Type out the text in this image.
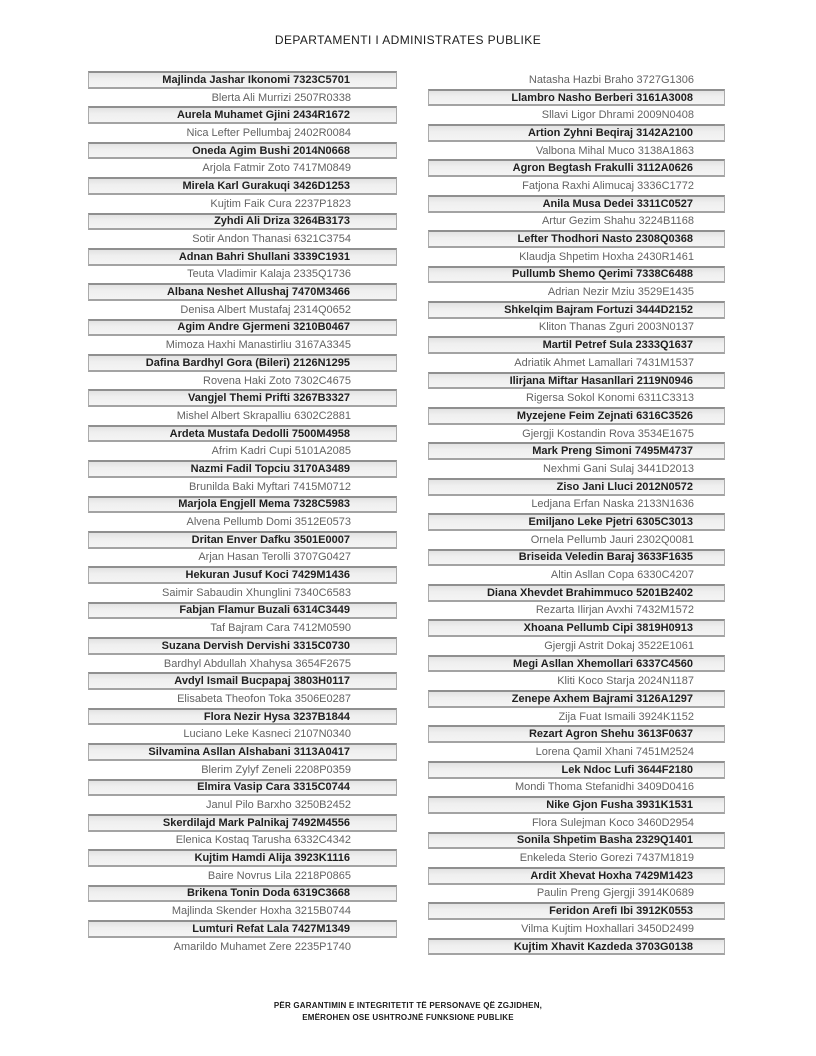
DEPARTAMENTI I ADMINISTRATES PUBLIKE
Majlinda Jashar Ikonomi 7323C5701
Blerta Ali Murrizi 2507R0338
Aurela Muhamet Gjini 2434R1672
Nica Lefter Pellumbaj 2402R0084
Oneda Agim Bushi 2014N0668
Arjola Fatmir Zoto 7417M0849
Mirela Karl Gurakuqi 3426D1253
Kujtim Faik Cura 2237P1823
Zyhdi Ali Driza 3264B3173
Sotir Andon Thanasi 6321C3754
Adnan Bahri Shullani 3339C1931
Teuta Vladimir Kalaja 2335Q1736
Albana Neshet Allushaj 7470M3466
Denisa Albert Mustafaj 2314Q0652
Agim Andre Gjermeni 3210B0467
Mimoza Haxhi Manastirliu 3167A3345
Dafina Bardhyl Gora (Bileri) 2126N1295
Rovena Haki Zoto 7302C4675
Vangjel Themi Prifti 3267B3327
Mishel Albert Skrapalliu 6302C2881
Ardeta Mustafa Dedolli 7500M4958
Afrim Kadri Cupi 5101A2085
Nazmi Fadil Topciu 3170A3489
Brunilda Baki Myftari 7415M0712
Marjola Engjell Mema 7328C5983
Alvena Pellumb Domi 3512E0573
Dritan Enver Dafku 3501E0007
Arjan Hasan Terolli 3707G0427
Hekuran Jusuf Koci 7429M1436
Saimir Sabaudin Xhunglini 7340C6583
Fabjan Flamur Buzali 6314C3449
Taf Bajram Cara 7412M0590
Suzana Dervish Dervishi 3315C0730
Bardhyl Abdullah Xhahysa 3654F2675
Avdyl Ismail Bucpapaj 3803H0117
Elisabeta Theofon Toka 3506E0287
Flora Nezir Hysa 3237B1844
Luciano Leke Kasneci 2107N0340
Silvamina Asllan Alshabani 3113A0417
Blerim Zylyf Zeneli 2208P0359
Elmira Vasip Cara 3315C0744
Janul Pilo Barxho 3250B2452
Skerdilajd Mark Palnikaj 7492M4556
Elenica Kostaq Tarusha 6332C4342
Kujtim Hamdi Alija 3923K1116
Baire Novrus Lila 2218P0865
Brikena Tonin Doda 6319C3668
Majlinda Skender Hoxha 3215B0744
Lumturi Refat Lala 7427M1349
Amarildo Muhamet Zere 2235P1740
Natasha Hazbi Braho 3727G1306
Llambro Nasho Berberi 3161A3008
Sllavi Ligor Dhrami 2009N0408
Artion Zyhni Beqiraj 3142A2100
Valbona Mihal Muco 3138A1863
Agron Begtash Frakulli 3112A0626
Fatjona Raxhi Alimucaj 3336C1772
Anila Musa Dedei 3311C0527
Artur Gezim Shahu 3224B1168
Lefter Thodhori Nasto 2308Q0368
Klaudja Shpetim Hoxha 2430R1461
Pullumb Shemo Qerimi 7338C6488
Adrian Nezir Mziu 3529E1435
Shkelqim Bajram Fortuzi 3444D2152
Kliton Thanas Zguri 2003N0137
Martil Petref Sula 2333Q1637
Adriatik Ahmet Lamallari 7431M1537
Ilirjana Miftar Hasanllari 2119N0946
Rigersa Sokol Konomi 6311C3313
Myzejene Feim Zejnati 6316C3526
Gjergji Kostandin Rova 3534E1675
Mark Preng Simoni 7495M4737
Nexhmi Gani Sulaj 3441D2013
Ziso Jani Lluci 2012N0572
Ledjana Erfan Naska 2133N1636
Emiljano Leke Pjetri 6305C3013
Ornela Pellumb Jauri 2302Q0081
Briseida Veledin Baraj 3633F1635
Altin Asllan Copa 6330C4207
Diana Xhevdet Brahimmuco 5201B2402
Rezarta Ilirjan Avxhi 7432M1572
Xhoana Pellumb Cipi 3819H0913
Gjergji Astrit Dokaj 3522E1061
Megi Asllan Xhemollari 6337C4560
Kliti Koco Starja 2024N1187
Zenepe Axhem Bajrami 3126A1297
Zija Fuat Ismaili 3924K1152
Rezart Agron Shehu 3613F0637
Lorena Qamil Xhani 7451M2524
Lek Ndoc Lufi 3644F2180
Mondi Thoma Stefanidhi 3409D0416
Nike Gjon Fusha 3931K1531
Flora Sulejman Koco 3460D2954
Sonila Shpetim Basha 2329Q1401
Enkeleda Sterio Gorezi 7437M1819
Ardit Xhevat Hoxha 7429M1423
Paulin Preng Gjergji 3914K0689
Feridon Arefi Ibi 3912K0553
Vilma Kujtim Hoxhallari 3450D2499
Kujtim Xhavit Kazdeda 3703G0138
PËR GARANTIMIN E INTEGRITETIT TË PERSONAVE QË ZGJIDHEN,
EMËROHEN OSE USHTROJNË FUNKSIONE PUBLIKE
